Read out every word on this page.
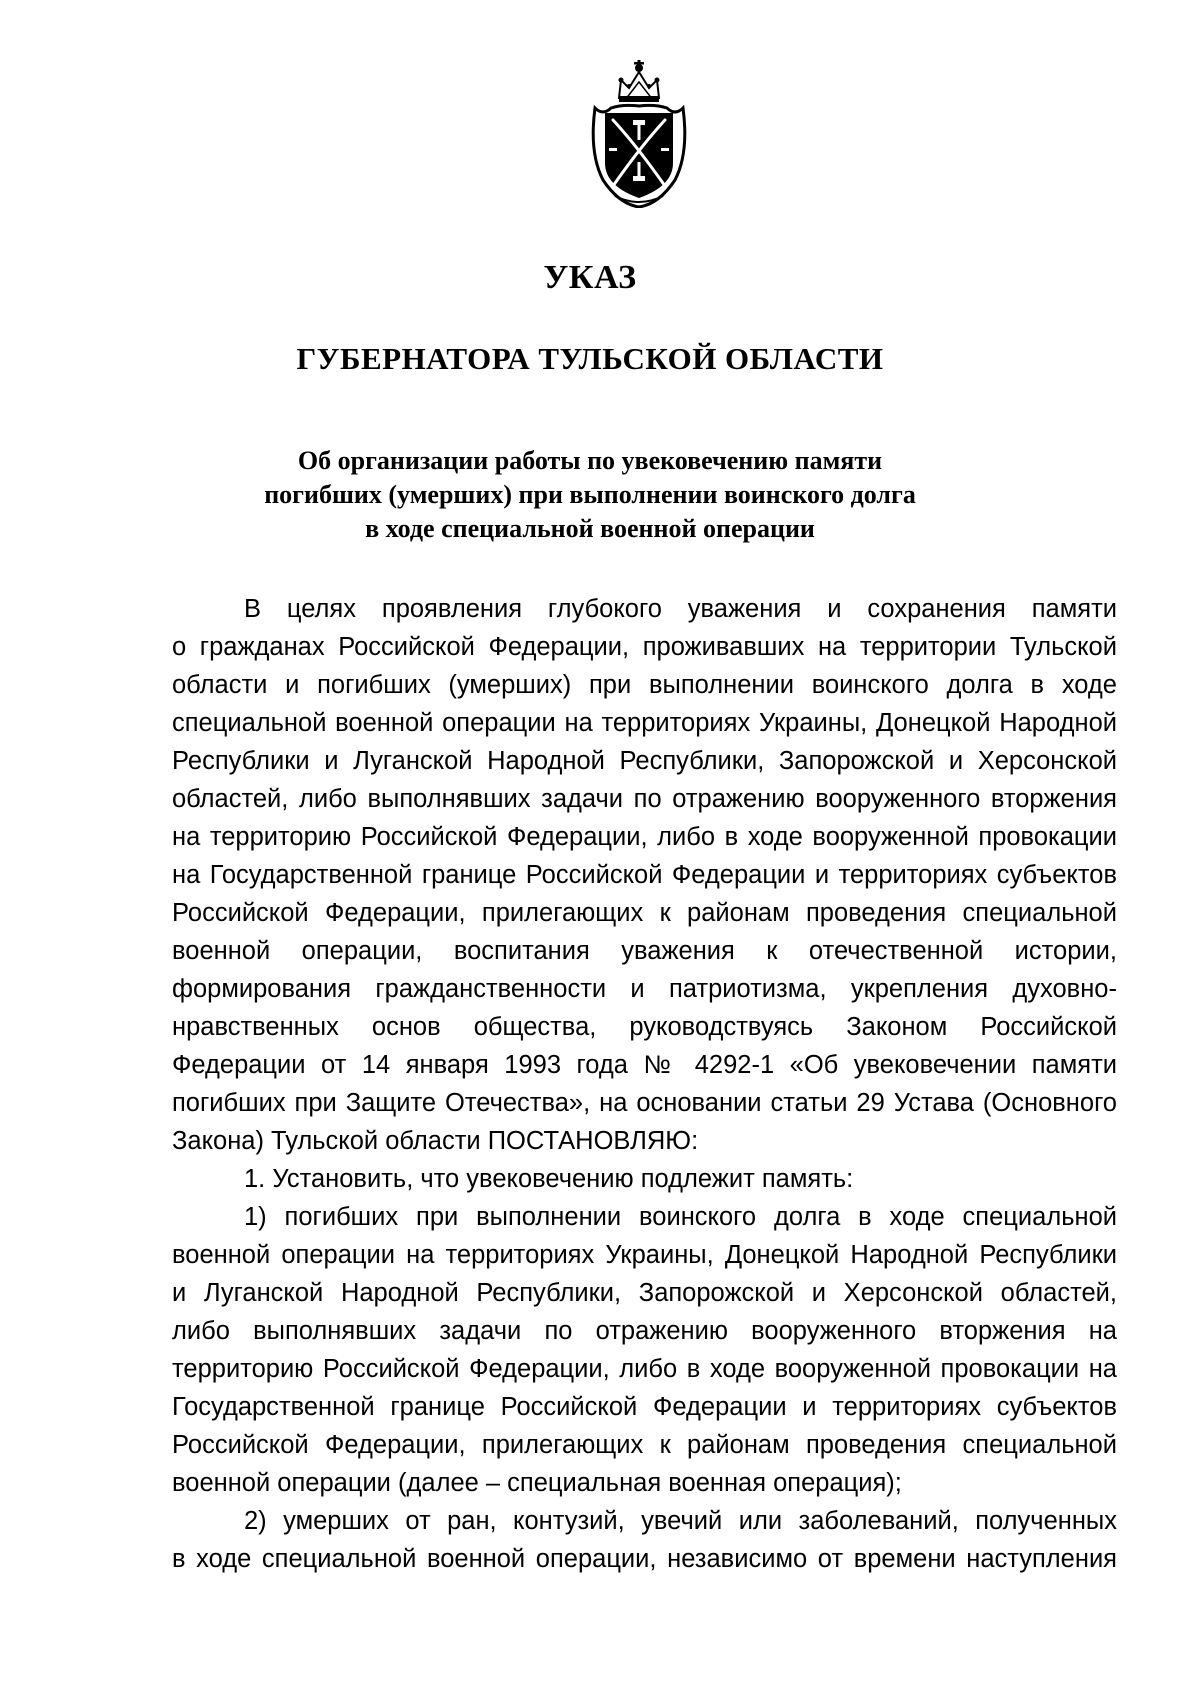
УКАЗ
ГУБЕРНАТОРА ТУЛЬСКОЙ ОБЛАСТИ
Об организации работы по увековечению памяти
погибших (умерших) при выполнении воинского долга
в ходе специальной военной операции
В целях проявления глубокого уважения и сохранения памяти
о гражданах Российской Федерации, проживавших на территории Тульской
области и погибших (умерших) при выполнении воинского долга в ходе
специальной военной операции на территориях Украины, Донецкой Народной
Республики и Луганской Народной Республики, Запорожской и Херсонской
областей, либо выполнявших задачи по отражению вооруженного вторжения
на территорию Российской Федерации, либо в ходе вооруженной провокации
на Государственной границе Российской Федерации и территориях субъектов
Российской Федерации, прилегающих к районам проведения специальной
военной операции, воспитания уважения к отечественной истории,
формирования гражданственности и патриотизма, укрепления духовно-
нравственных основ общества, руководствуясь Законом Российской
Федерации от 14 января 1993 года № 4292-1 «Об увековечении памяти
погибших при Защите Отечества», на основании статьи 29 Устава (Основного
Закона) Тульской области ПОСТАНОВЛЯЮ:
1. Установить, что увековечению подлежит память:
1) погибших при выполнении воинского долга в ходе специальной
военной операции на территориях Украины, Донецкой Народной Республики
и Луганской Народной Республики, Запорожской и Херсонской областей,
либо выполнявших задачи по отражению вооруженного вторжения на
территорию Российской Федерации, либо в ходе вооруженной провокации на
Государственной границе Российской Федерации и территориях субъектов
Российской Федерации, прилегающих к районам проведения специальной
военной операции (далее – специальная военная операция);
2) умерших от ран, контузий, увечий или заболеваний, полученных
в ходе специальной военной операции, независимо от времени наступления
